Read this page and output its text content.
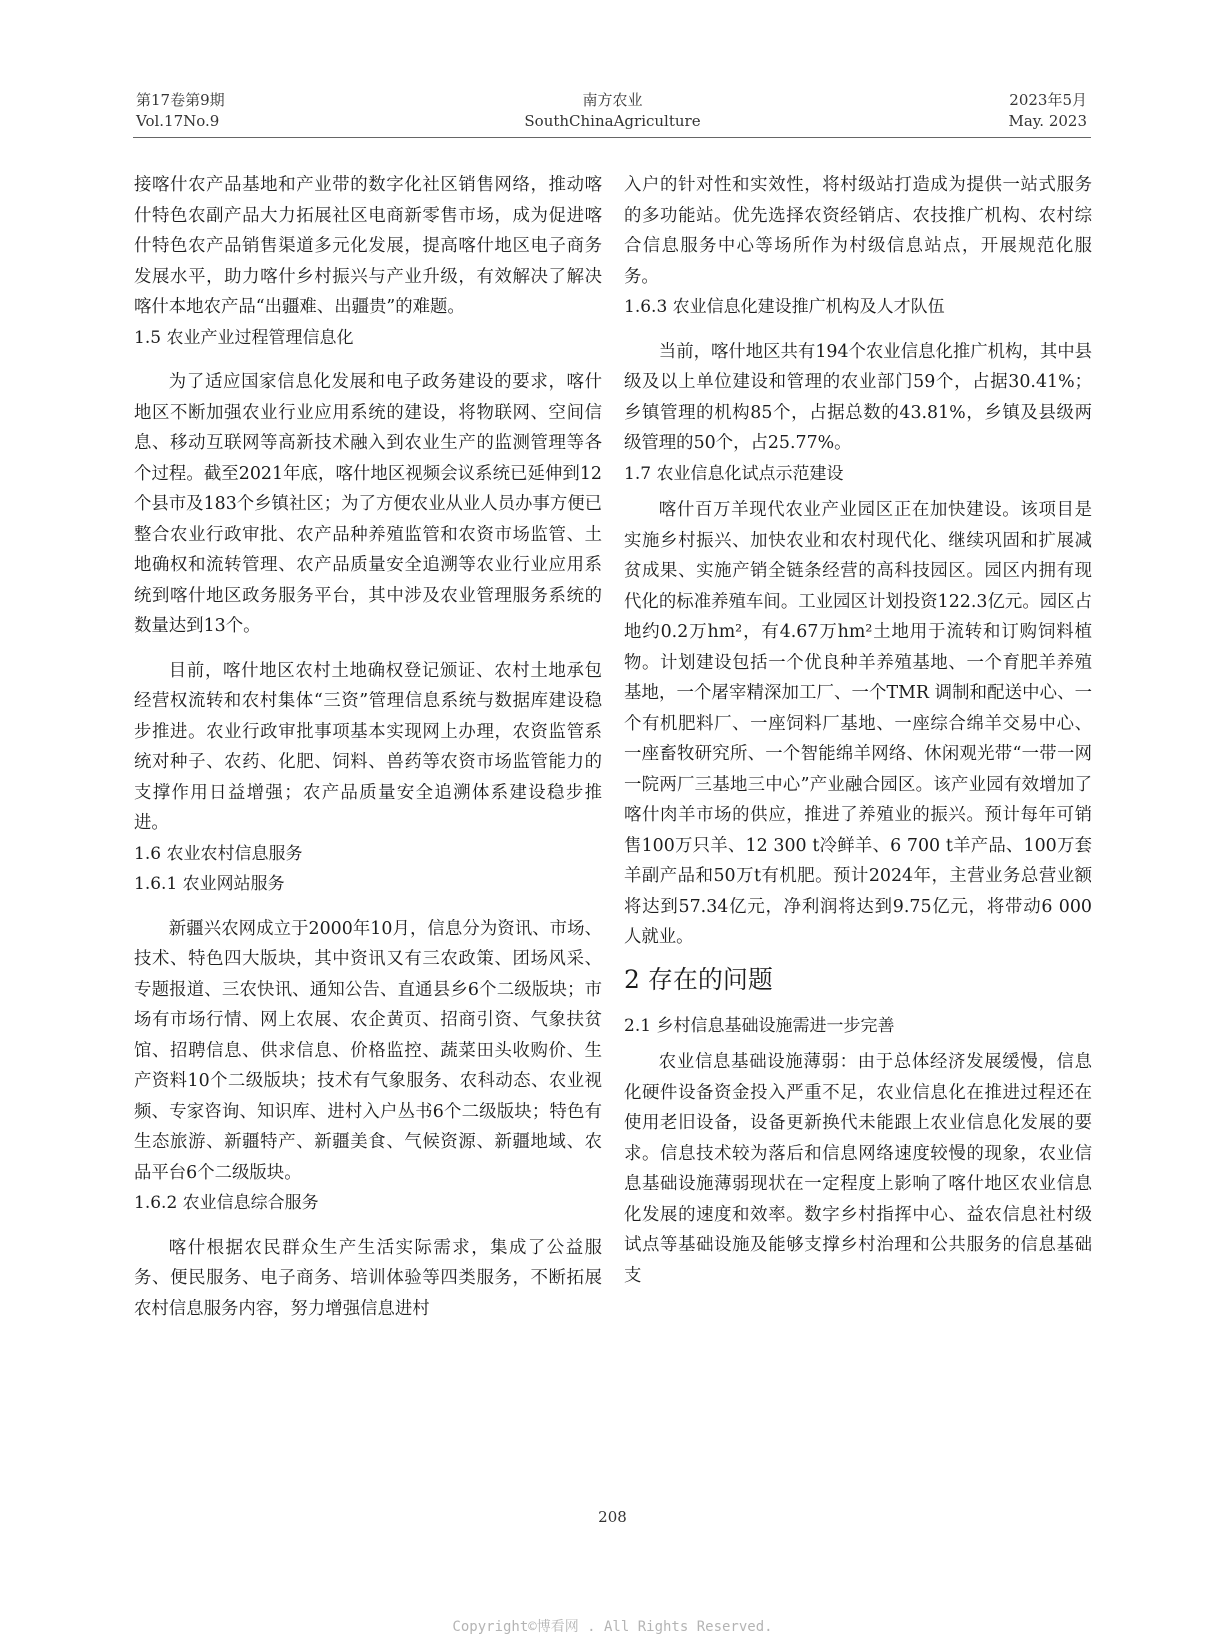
第17卷第9期
Vol.17No.9
南方农业
SouthChinaAgriculture
2023年5月
May. 2023

接喀什农产品基地和产业带的数字化社区销售网络，推动喀什特色农副产品大力拓展社区电商新零售市场，成为促进喀什特色农产品销售渠道多元化发展，提高喀什地区电子商务发展水平，助力喀什乡村振兴与产业升级，有效解决了解决喀什本地农产品“出疆难、出疆贵”的难题。

1.5 农业产业过程管理信息化

为了适应国家信息化发展和电子政务建设的要求，喀什地区不断加强农业行业应用系统的建设，将物联网、空间信息、移动互联网等高新技术融入到农业生产的监测管理等各个过程。截至2021年底，喀什地区视频会议系统已延伸到12个县市及183个乡镇社区；为了方便农业从业人员办事方便已整合农业行政审批、农产品种养殖监管和农资市场监管、土地确权和流转管理、农产品质量安全追溯等农业行业应用系统到喀什地区政务服务平台，其中涉及农业管理服务系统的数量达到13个。

目前，喀什地区农村土地确权登记颁证、农村土地承包经营权流转和农村集体“三资”管理信息系统与数据库建设稳步推进。农业行政审批事项基本实现网上办理，农资监管系统对种子、农药、化肥、饲料、兽药等农资市场监管能力的支撑作用日益增强；农产品质量安全追溯体系建设稳步推进。

1.6 农业农村信息服务
1.6.1 农业网站服务

新疆兴农网成立于2000年10月，信息分为资讯、市场、技术、特色四大版块，其中资讯又有三农政策、团场风采、专题报道、三农快讯、通知公告、直通县乡6个二级版块；市场有市场行情、网上农展、农企黄页、招商引资、气象扶贫馆、招聘信息、供求信息、价格监控、蔬菜田头收购价、生产资料10个二级版块；技术有气象服务、农科动态、农业视频、专家咨询、知识库、进村入户丛书6个二级版块；特色有生态旅游、新疆特产、新疆美食、气候资源、新疆地域、农品平台6个二级版块。

1.6.2 农业信息综合服务

喀什根据农民群众生产生活实际需求，集成了公益服务、便民服务、电子商务、培训体验等四类服务，不断拓展农村信息服务内容，努力增强信息进村

入户的针对性和实效性，将村级站打造成为提供一站式服务的多功能站。优先选择农资经销店、农技推广机构、农村综合信息服务中心等场所作为村级信息站点，开展规范化服务。

1.6.3 农业信息化建设推广机构及人才队伍

当前，喀什地区共有194个农业信息化推广机构，其中县级及以上单位建设和管理的农业部门59个，占据30.41%；乡镇管理的机构85个，占据总数的43.81%，乡镇及县级两级管理的50个，占25.77%。

1.7 农业信息化试点示范建设

喀什百万羊现代农业产业园区正在加快建设。该项目是实施乡村振兴、加快农业和农村现代化、继续巩固和扩展减贫成果、实施产销全链条经营的高科技园区。园区内拥有现代化的标准养殖车间。工业园区计划投资122.3亿元。园区占地约0.2万hm²，有4.67万hm²土地用于流转和订购饲料植物。计划建设包括一个优良种羊养殖基地、一个育肥羊养殖基地，一个屠宰精深加工厂、一个TMR 调制和配送中心、一个有机肥料厂、一座饲料厂基地、一座综合绵羊交易中心、一座畜牧研究所、一个智能绵羊网络、休闲观光带“一带一网一院两厂三基地三中心”产业融合园区。该产业园有效增加了喀什肉羊市场的供应，推进了养殖业的振兴。预计每年可销售100万只羊、12 300 t冷鲜羊、6 700 t羊产品、100万套羊副产品和50万t有机肥。预计2024年，主营业务总营业额将达到57.34亿元，净利润将达到9.75亿元，将带动6 000人就业。

2 存在的问题
2.1 乡村信息基础设施需进一步完善

农业信息基础设施薄弱：由于总体经济发展缓慢，信息化硬件设备资金投入严重不足，农业信息化在推进过程还在使用老旧设备，设备更新换代未能跟上农业信息化发展的要求。信息技术较为落后和信息网络速度较慢的现象，农业信息基础设施薄弱现状在一定程度上影响了喀什地区农业信息化发展的速度和效率。数字乡村指挥中心、益农信息社村级试点等基础设施及能够支撑乡村治理和公共服务的信息基础支

208
Copyright©博看网 . All Rights Reserved.
